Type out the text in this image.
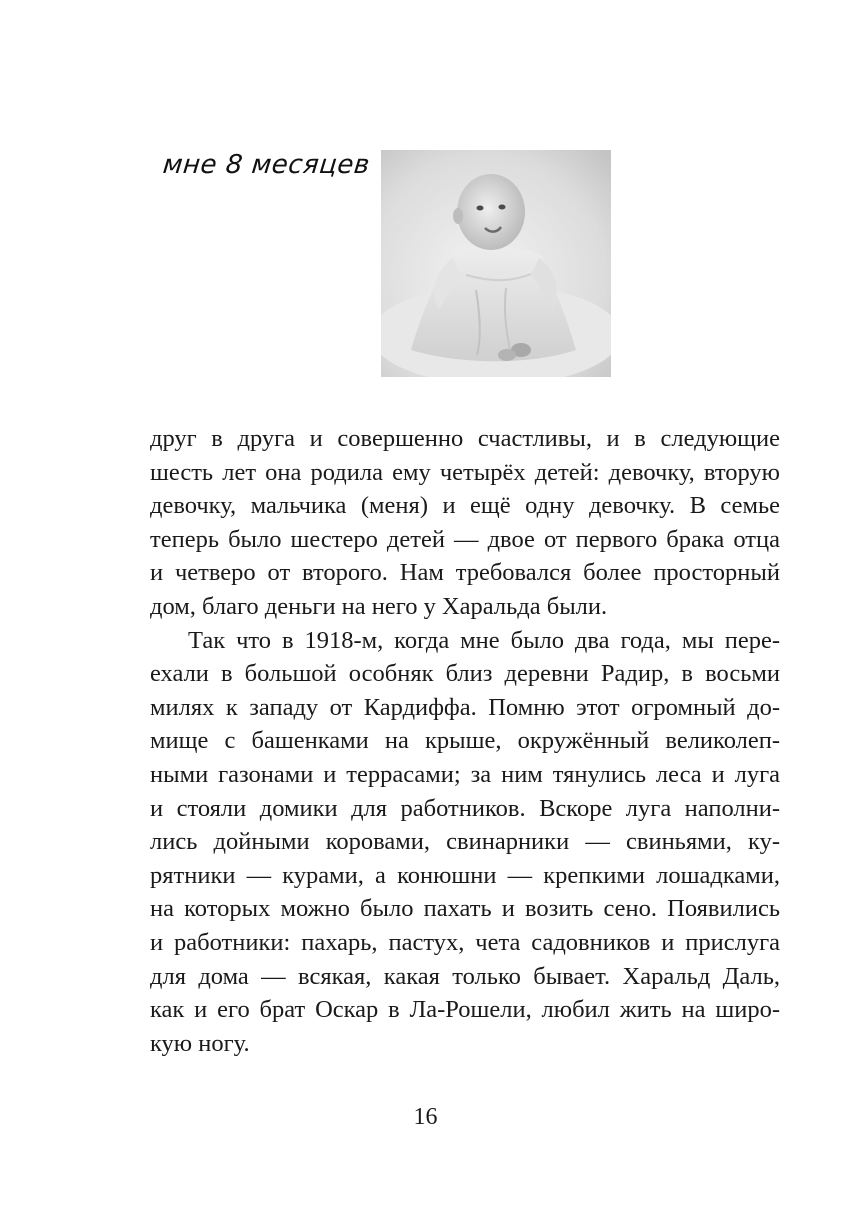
мне 8 месяцев
друг в друга и совершенно счастливы, и в следующие
шесть лет она родила ему четырёх детей: девочку, вторую
девочку, мальчика (меня) и ещё одну девочку. В семье
теперь было шестеро детей — двое от первого брака отца
и четверо от второго. Нам требовался более просторный
дом, благо деньги на него у Харальда были.
Так что в 1918-м, когда мне было два года, мы пере-
ехали в большой особняк близ деревни Радир, в восьми
милях к западу от Кардиффа. Помню этот огромный до-
мище с башенками на крыше, окружённый великолеп-
ными газонами и террасами; за ним тянулись леса и луга
и стояли домики для работников. Вскоре луга наполни-
лись дойными коровами, свинарники — свиньями, ку-
рятники — курами, а конюшни — крепкими лошадками,
на которых можно было пахать и возить сено. Появились
и работники: пахарь, пастух, чета садовников и прислуга
для дома — всякая, какая только бывает. Харальд Даль,
как и его брат Оскар в Ла-Рошели, любил жить на широ-
кую ногу.
16
